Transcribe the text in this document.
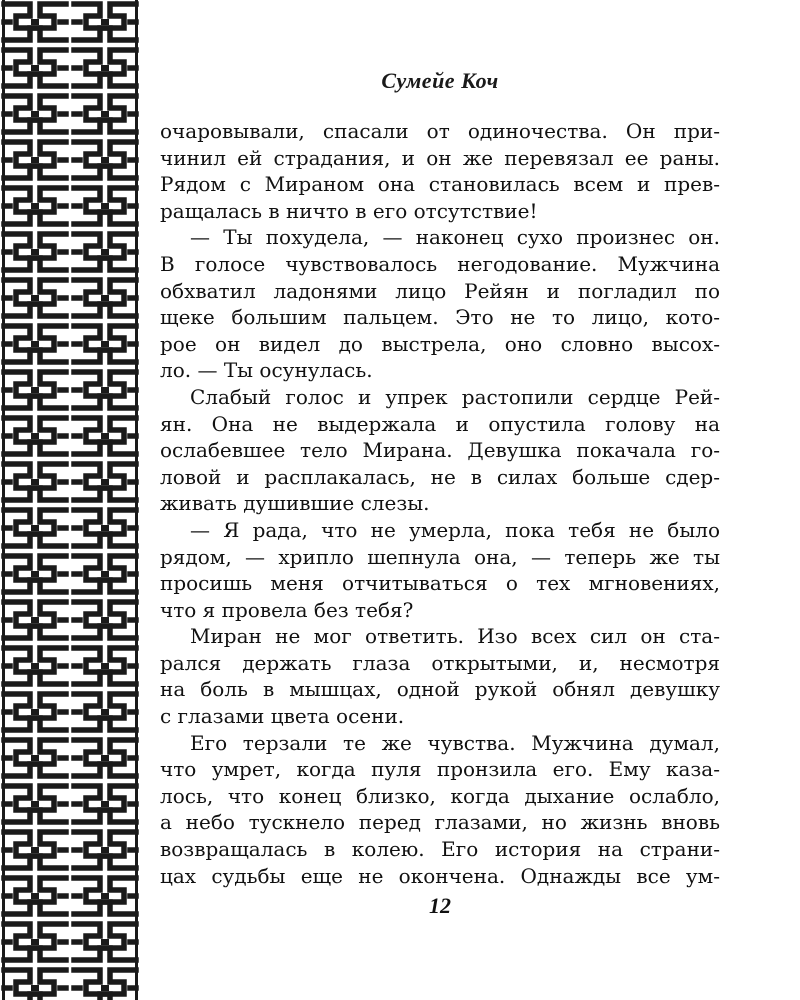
Сумейе Коч
очаровывали, спасали от одиночества. Он при-
чинил ей страдания, и он же перевязал ее раны.
Рядом с Мираном она становилась всем и прев-
ращалась в ничто в его отсутствие!
— Ты похудела, — наконец сухо произнес он.
В голосе чувствовалось негодование. Мужчина
обхватил ладонями лицо Рейян и погладил по
щеке большим пальцем. Это не то лицо, кото-
рое он видел до выстрела, оно словно высох-
ло. — Ты осунулась.
Слабый голос и упрек растопили сердце Рей-
ян. Она не выдержала и опустила голову на
ослабевшее тело Мирана. Девушка покачала го-
ловой и расплакалась, не в силах больше сдер-
живать душившие слезы.
— Я рада, что не умерла, пока тебя не было
рядом, — хрипло шепнула она, — теперь же ты
просишь меня отчитываться о тех мгновениях,
что я провела без тебя?
Миран не мог ответить. Изо всех сил он ста-
рался держать глаза открытыми, и, несмотря
на боль в мышцах, одной рукой обнял девушку
с глазами цвета осени.
Его терзали те же чувства. Мужчина думал,
что умрет, когда пуля пронзила его. Ему каза-
лось, что конец близко, когда дыхание ослабло,
а небо тускнело перед глазами, но жизнь вновь
возвращалась в колею. Его история на страни-
цах судьбы еще не окончена. Однажды все ум-
12
